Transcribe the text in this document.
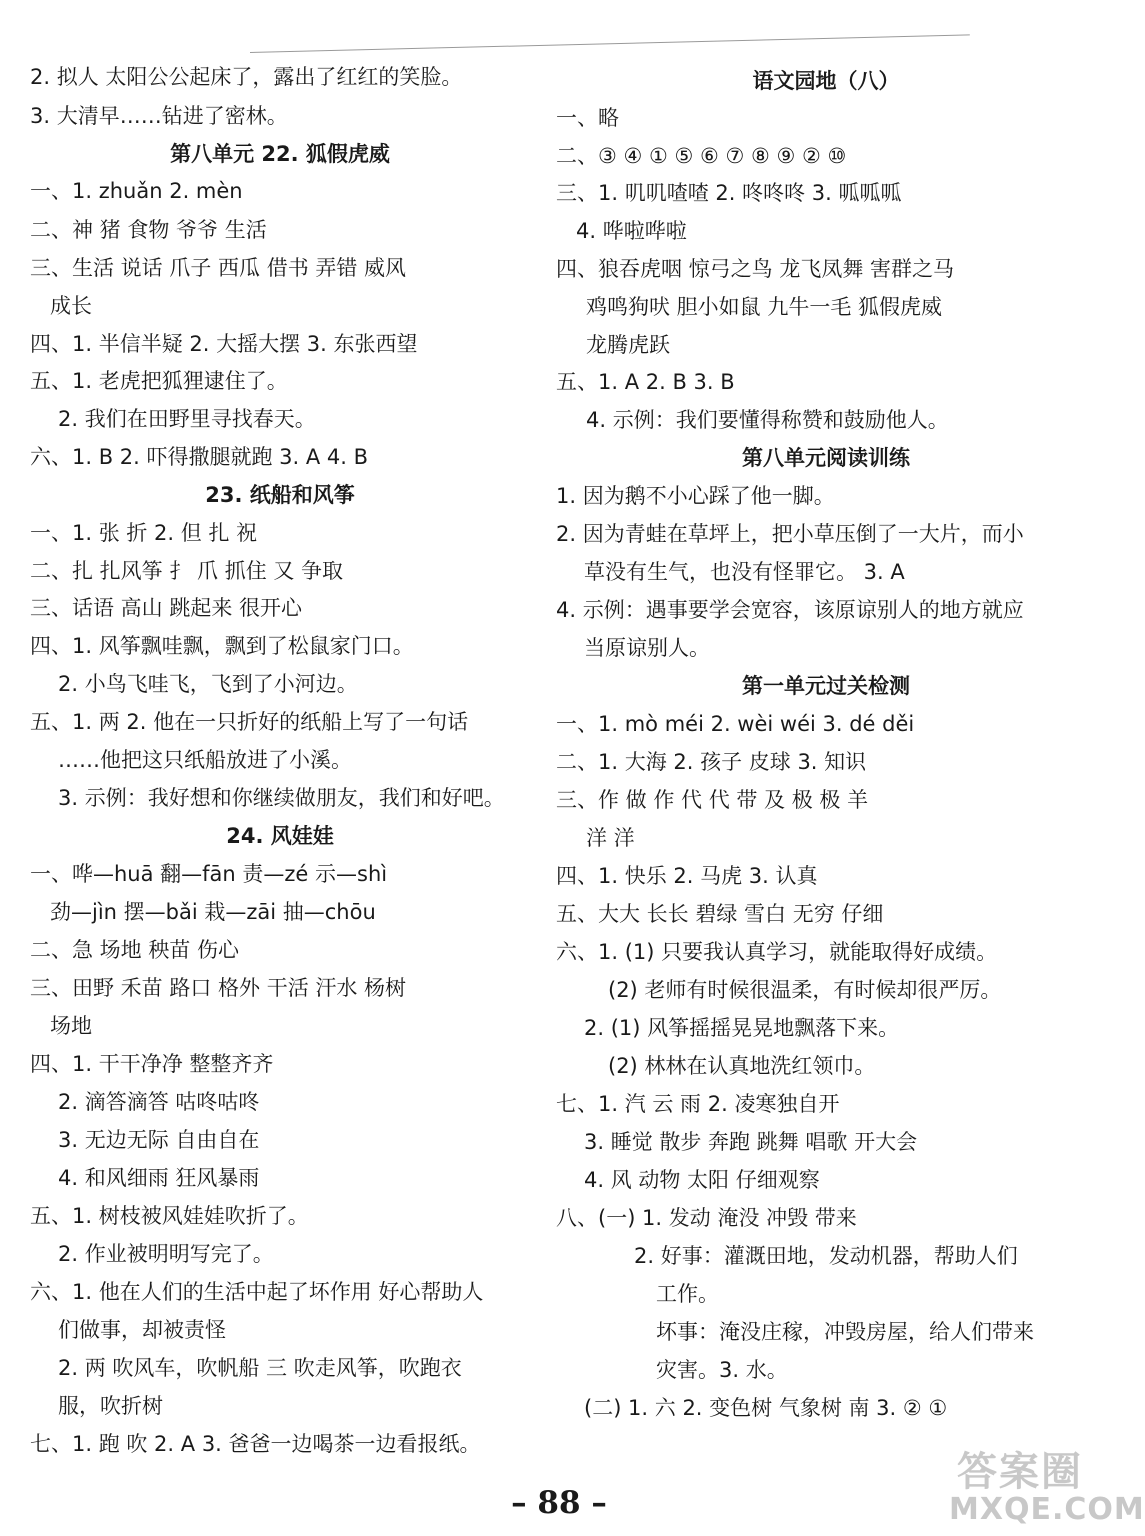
2. 拟人 太阳公公起床了，露出了红红的笑脸。
3. 大清早……钻进了密林。
第八单元 22. 狐假虎威
一、1. zhuǎn 2. mèn
二、神 猪 食物 爷爷 生活
三、生活 说话 爪子 西瓜 借书 弄错 威风
成长
四、1. 半信半疑 2. 大摇大摆 3. 东张西望
五、1. 老虎把狐狸逮住了。
2. 我们在田野里寻找春天。
六、1. B 2. 吓得撒腿就跑 3. A 4. B
23. 纸船和风筝
一、1. 张 折 2. 但 扎 祝
二、扎 扎风筝 扌 爪 抓住 又 争取
三、话语 高山 跳起来 很开心
四、1. 风筝飘哇飘，飘到了松鼠家门口。
2. 小鸟飞哇飞，飞到了小河边。
五、1. 两 2. 他在一只折好的纸船上写了一句话
……他把这只纸船放进了小溪。
3. 示例：我好想和你继续做朋友，我们和好吧。
24. 风娃娃
一、哗—huā 翻—fān 责—zé 示—shì
劲—jìn 摆—bǎi 栽—zāi 抽—chōu
二、急 场地 秧苗 伤心
三、田野 禾苗 路口 格外 干活 汗水 杨树
场地
四、1. 干干净净 整整齐齐
2. 滴答滴答 咕咚咕咚
3. 无边无际 自由自在
4. 和风细雨 狂风暴雨
五、1. 树枝被风娃娃吹折了。
2. 作业被明明写完了。
六、1. 他在人们的生活中起了坏作用 好心帮助人
们做事，却被责怪
2. 两 吹风车，吹帆船 三 吹走风筝，吹跑衣
服，吹折树
七、1. 跑 吹 2. A 3. 爸爸一边喝茶一边看报纸。
语文园地（八）
一、略
二、③ ④ ① ⑤ ⑥ ⑦ ⑧ ⑨ ② ⑩
三、1. 叽叽喳喳 2. 咚咚咚 3. 呱呱呱
4. 哗啦哗啦
四、狼吞虎咽 惊弓之鸟 龙飞凤舞 害群之马
鸡鸣狗吠 胆小如鼠 九牛一毛 狐假虎威
龙腾虎跃
五、1. A 2. B 3. B
4. 示例：我们要懂得称赞和鼓励他人。
第八单元阅读训练
1. 因为鹅不小心踩了他一脚。
2. 因为青蛙在草坪上，把小草压倒了一大片，而小
草没有生气，也没有怪罪它。 3. A
4. 示例：遇事要学会宽容，该原谅别人的地方就应
当原谅别人。
第一单元过关检测
一、1. mò méi 2. wèi wéi 3. dé děi
二、1. 大海 2. 孩子 皮球 3. 知识
三、作 做 作 代 代 带 及 极 极 羊
洋 洋
四、1. 快乐 2. 马虎 3. 认真
五、大大 长长 碧绿 雪白 无穷 仔细
六、1. (1) 只要我认真学习，就能取得好成绩。
(2) 老师有时候很温柔，有时候却很严厉。
2. (1) 风筝摇摇晃晃地飘落下来。
(2) 林林在认真地洗红领巾。
七、1. 汽 云 雨 2. 凌寒独自开
3. 睡觉 散步 奔跑 跳舞 唱歌 开大会
4. 风 动物 太阳 仔细观察
八、(一) 1. 发动 淹没 冲毁 带来
2. 好事：灌溉田地，发动机器，帮助人们
工作。
坏事：淹没庄稼，冲毁房屋，给人们带来
灾害。3. 水。
(二) 1. 六 2. 变色树 气象树 南 3. ② ①
– 88 –
答案圈
MXQE.COM
